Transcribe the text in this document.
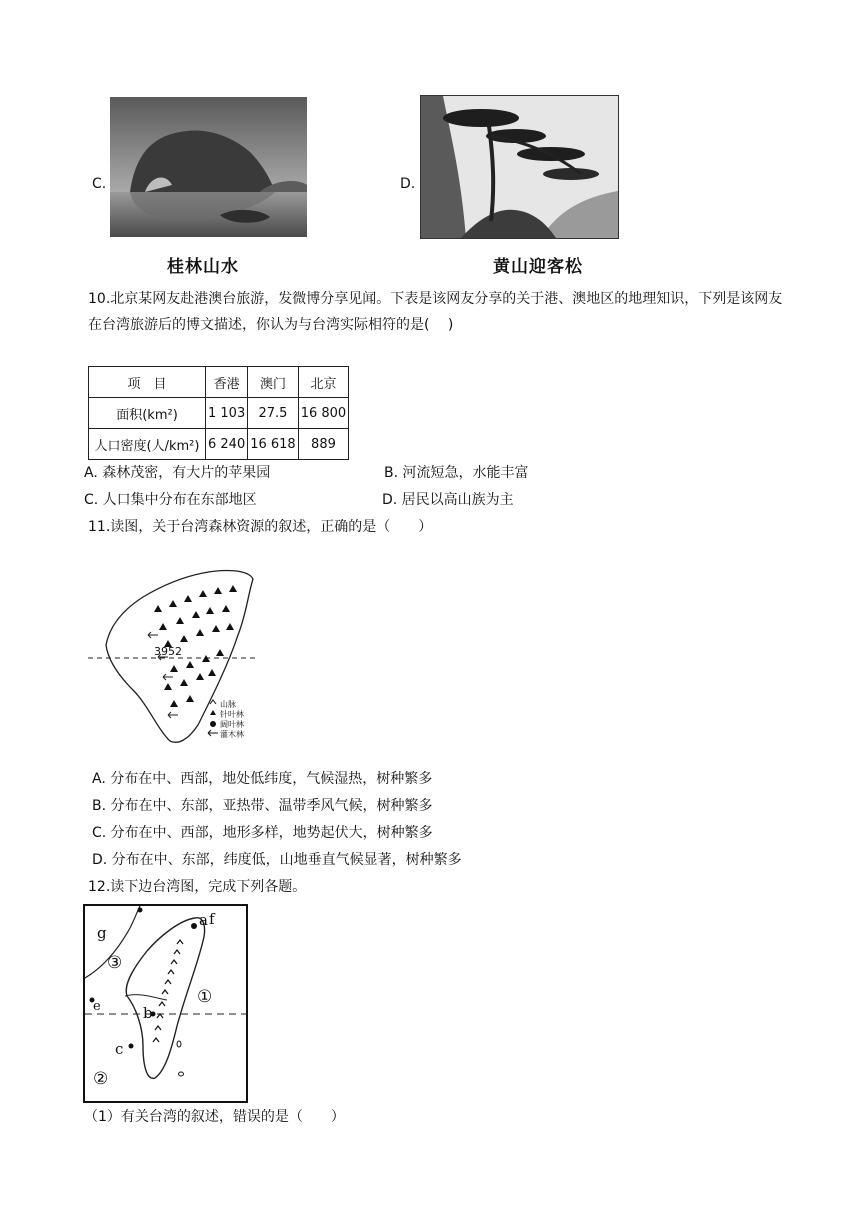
C.
桂林山水
D.
黄山迎客松
10.北京某网友赴港澳台旅游，发微博分享见闻。下表是该网友分享的关于港、澳地区的地理知识，下列是该网友在台湾旅游后的博文描述，你认为与台湾实际相符的是(　 )
项　目	香港	澳门	北京
面积(km²)	1 103	27.5	16 800
人口密度(人/km²)	6 240	16 618	889
A. 森林茂密，有大片的苹果园	B. 河流短急，水能丰富
C. 人口集中分布在东部地区	D. 居民以高山族为主
11.读图，关于台湾森林资源的叙述，正确的是（　　）
3952
山脉
针叶林
阔叶林
灌木林
A. 分布在中、西部，地处低纬度，气候湿热，树种繁多
B. 分布在中、东部，亚热带、温带季风气候，树种繁多
C. 分布在中、西部，地形多样，地势起伏大，树种繁多
D. 分布在中、东部，纬度低，山地垂直气候显著，树种繁多
12.读下边台湾图，完成下列各题。
a f
g
b
c
e	①
②
③
（1）有关台湾的叙述，错误的是（　　）
